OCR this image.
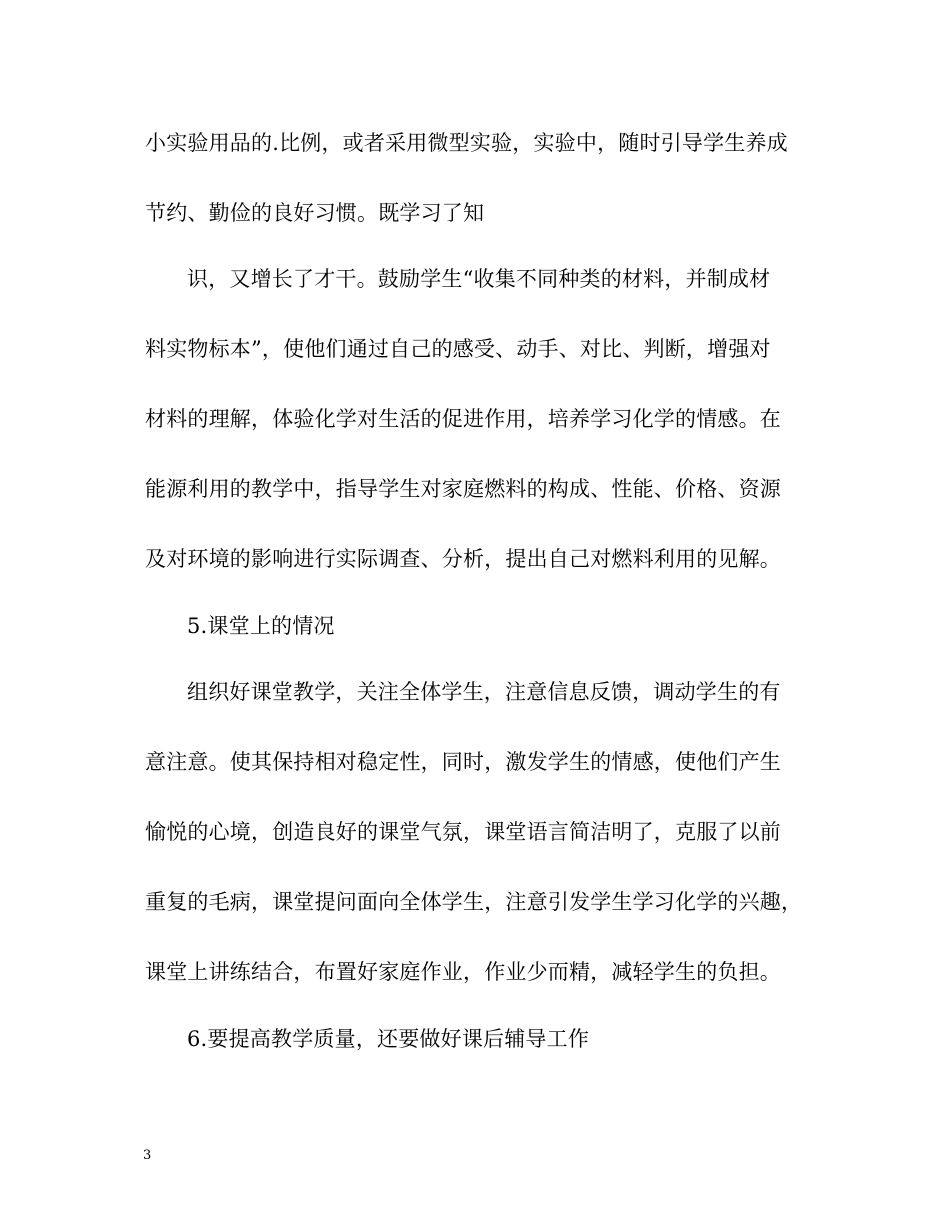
小实验用品的.比例，或者采用微型实验，实验中，随时引导学生养成
节约、勤俭的良好习惯。既学习了知
识，又增长了才干。鼓励学生“收集不同种类的材料，并制成材
料实物标本”，使他们通过自己的感受、动手、对比、判断，增强对
材料的理解，体验化学对生活的促进作用，培养学习化学的情感。在
能源利用的教学中，指导学生对家庭燃料的构成、性能、价格、资源
及对环境的影响进行实际调查、分析，提出自己对燃料利用的见解。
5.课堂上的情况
组织好课堂教学，关注全体学生，注意信息反馈，调动学生的有
意注意。使其保持相对稳定性，同时，激发学生的情感，使他们产生
愉悦的心境，创造良好的课堂气氛，课堂语言简洁明了，克服了以前
重复的毛病，课堂提问面向全体学生，注意引发学生学习化学的兴趣，
课堂上讲练结合，布置好家庭作业，作业少而精，减轻学生的负担。
6.要提高教学质量，还要做好课后辅导工作
3
